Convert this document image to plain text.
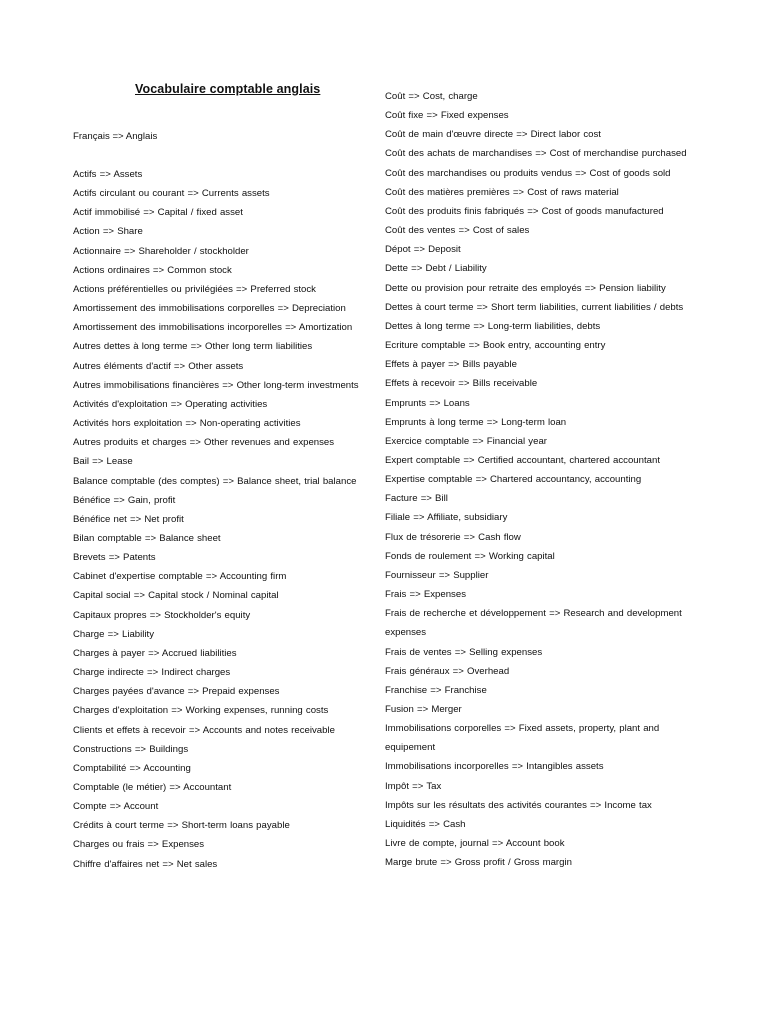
Vocabulaire comptable anglais
Français => Anglais

Actifs => Assets

Actifs circulant ou courant => Currents assets

Actif immobilisé => Capital / fixed asset

Action => Share

Actionnaire => Shareholder / stockholder

Actions ordinaires => Common stock

Actions préférentielles ou privilégiées => Preferred stock

Amortissement des immobilisations corporelles => Depreciation

Amortissement des immobilisations incorporelles => Amortization

Autres dettes à long terme => Other long term liabilities

Autres éléments d'actif => Other assets

Autres immobilisations financières => Other long-term investments

Activités d'exploitation => Operating activities

Activités hors exploitation => Non-operating activities

Autres produits et charges => Other revenues and expenses

Bail => Lease

Balance comptable (des comptes) => Balance sheet, trial balance

Bénéfice => Gain, profit

Bénéfice net => Net profit

Bilan comptable => Balance sheet

Brevets => Patents

Cabinet d'expertise comptable => Accounting firm

Capital social => Capital stock / Nominal capital

Capitaux propres => Stockholder's equity

Charge => Liability

Charges à payer => Accrued liabilities

Charge indirecte => Indirect charges

Charges payées d'avance => Prepaid expenses

Charges d'exploitation => Working expenses, running costs

Clients et effets à recevoir => Accounts and notes receivable

Constructions => Buildings

Comptabilité => Accounting

Comptable (le métier) => Accountant

Compte => Account

Crédits à court terme => Short-term loans payable

Charges ou frais => Expenses

Chiffre d'affaires net => Net sales

Coût => Cost, charge

Coût fixe => Fixed expenses

Coût de main d'œuvre directe => Direct labor cost

Coût des achats de marchandises => Cost of merchandise purchased

Coût des marchandises ou produits vendus => Cost of goods sold

Coût des matières premières => Cost of raws material

Coût des produits finis fabriqués => Cost of goods manufactured

Coût des ventes => Cost of sales

Dépot => Deposit

Dette => Debt / Liability

Dette ou provision pour retraite des employés => Pension liability

Dettes à court terme => Short term liabilities, current liabilities / debts

Dettes à long terme => Long-term liabilities, debts

Ecriture comptable => Book entry, accounting entry

Effets à payer => Bills payable

Effets à recevoir => Bills receivable

Emprunts => Loans

Emprunts à long terme => Long-term loan

Exercice comptable => Financial year

Expert comptable => Certified accountant, chartered accountant

Expertise comptable => Chartered accountancy, accounting

Facture => Bill

Filiale => Affiliate, subsidiary

Flux de trésorerie => Cash flow

Fonds de roulement => Working capital

Fournisseur => Supplier

Frais => Expenses

Frais de recherche et développement => Research and development expenses

Frais de ventes => Selling expenses

Frais généraux => Overhead

Franchise => Franchise

Fusion => Merger

Immobilisations corporelles => Fixed assets, property, plant and equipement

Immobilisations incorporelles => Intangibles assets

Impôt => Tax

Impôts sur les résultats des activités courantes => Income tax

Liquidités => Cash

Livre de compte, journal => Account book

Marge brute => Gross profit / Gross margin
